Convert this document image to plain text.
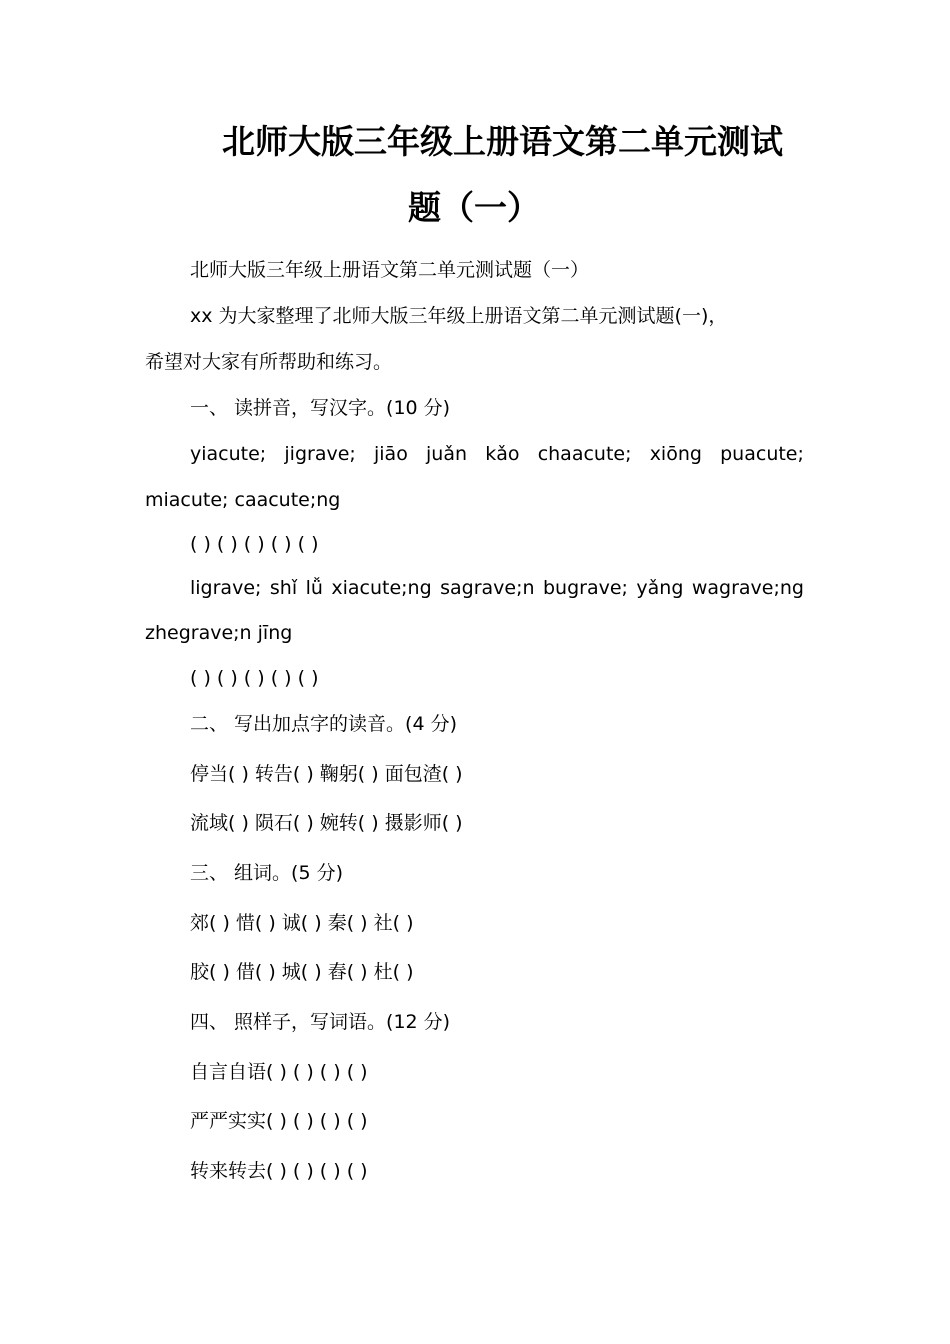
北师大版三年级上册语文第二单元测试
题（一）

北师大版三年级上册语文第二单元测试题（一）

xx 为大家整理了北师大版三年级上册语文第二单元测试题(一)，

希望对大家有所帮助和练习。

一、 读拼音，写汉字。(10 分)

yiacute; jigrave; jiāo juǎn kǎo chaacute; xiōng puacute;

miacute; caacute;ng

( ) ( ) ( ) ( ) ( )

ligrave; shǐ lǚ xiacute;ng sagrave;n bugrave; yǎng wagrave;ng

zhegrave;n jīng

( ) ( ) ( ) ( ) ( )

二、 写出加点字的读音。(4 分)

停当( ) 转告( ) 鞠躬( ) 面包渣( )

流域( ) 陨石( ) 婉转( ) 摄影师( )

三、 组词。(5 分)

郊( ) 惜( ) 诚( ) 秦( ) 社( )

胶( ) 借( ) 城( ) 舂( ) 杜( )

四、 照样子，写词语。(12 分)

自言自语( ) ( ) ( ) ( )

严严实实( ) ( ) ( ) ( )

转来转去( ) ( ) ( ) ( )
